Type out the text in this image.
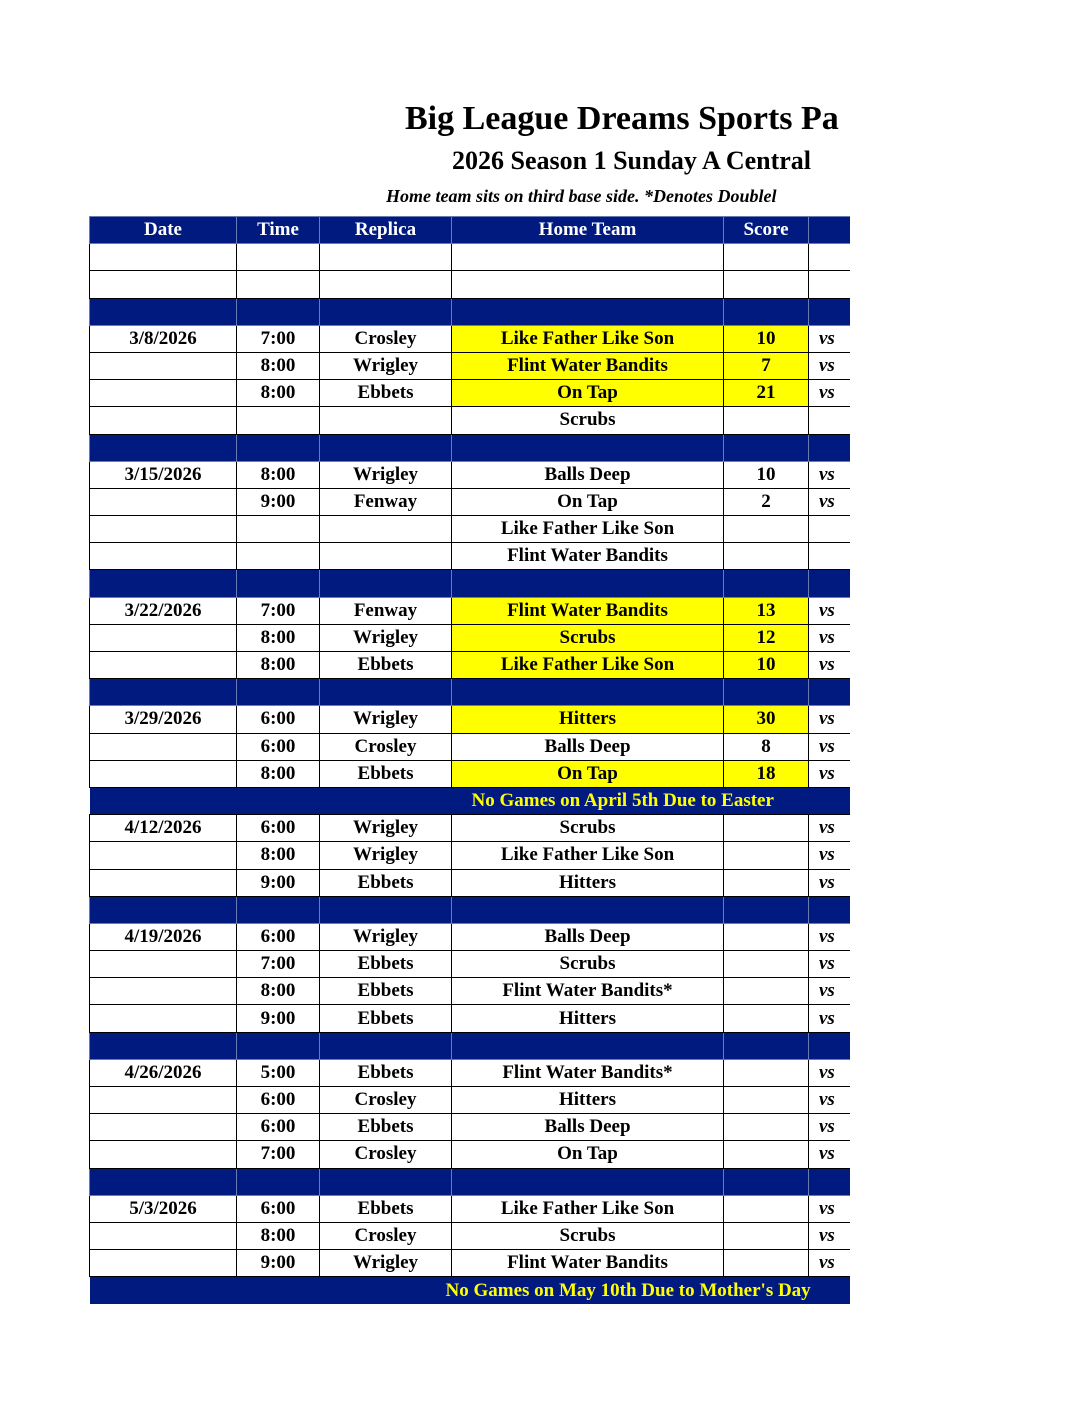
Big League Dreams Sports Pa
2026 Season 1 Sunday A Central
Home team sits on third base side. *Denotes Doublel
Date	Time	Replica	Home Team	Score	

3/8/2026	7:00	Crosley	Like Father Like Son	10	vs
	8:00	Wrigley	Flint Water Bandits	7	vs
	8:00	Ebbets	On Tap	21	vs
			Scrubs		

3/15/2026	8:00	Wrigley	Balls Deep	10	vs
	9:00	Fenway	On Tap	2	vs
			Like Father Like Son		
			Flint Water Bandits		

3/22/2026	7:00	Fenway	Flint Water Bandits	13	vs
	8:00	Wrigley	Scrubs	12	vs
	8:00	Ebbets	Like Father Like Son	10	vs

3/29/2026	6:00	Wrigley	Hitters	30	vs
	6:00	Crosley	Balls Deep	8	vs
	8:00	Ebbets	On Tap	18	vs
No Games on April 5th Due to Easter					
4/12/2026	6:00	Wrigley	Scrubs		vs
	8:00	Wrigley	Like Father Like Son		vs
	9:00	Ebbets	Hitters		vs

4/19/2026	6:00	Wrigley	Balls Deep		vs
	7:00	Ebbets	Scrubs		vs
	8:00	Ebbets	Flint Water Bandits*		vs
	9:00	Ebbets	Hitters		vs

4/26/2026	5:00	Ebbets	Flint Water Bandits*		vs
	6:00	Crosley	Hitters		vs
	6:00	Ebbets	Balls Deep		vs
	7:00	Crosley	On Tap		vs

5/3/2026	6:00	Ebbets	Like Father Like Son		vs
	8:00	Crosley	Scrubs		vs
	9:00	Wrigley	Flint Water Bandits		vs
No Games on May 10th Due to Mother's Day					
